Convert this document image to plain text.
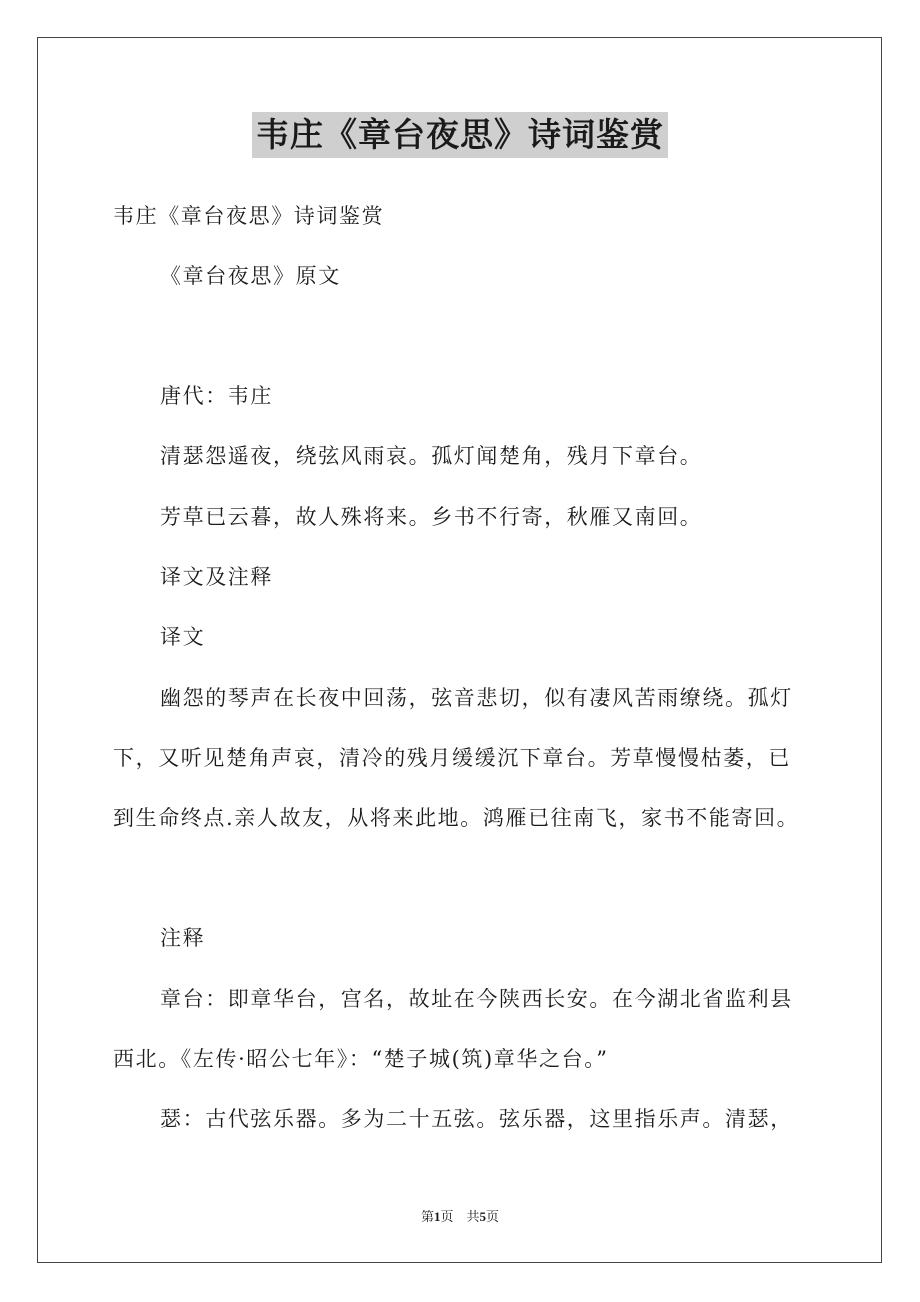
韦庄《章台夜思》诗词鉴赏
韦庄《章台夜思》诗词鉴赏
《章台夜思》原文
唐代：韦庄
清瑟怨遥夜，绕弦风雨哀。孤灯闻楚角，残月下章台。
芳草已云暮，故人殊将来。乡书不行寄，秋雁又南回。
译文及注释
译文
幽怨的琴声在长夜中回荡，弦音悲切，似有凄风苦雨缭绕。孤灯
下，又听见楚角声哀，清冷的残月缓缓沉下章台。芳草慢慢枯萎，已
到生命终点.亲人故友，从将来此地。鸿雁已往南飞，家书不能寄回。
注释
章台：即章华台，宫名，故址在今陕西长安。在今湖北省监利县
西北。《左传·昭公七年》：“楚子城(筑)章华之台。”
瑟：古代弦乐器。多为二十五弦。弦乐器，这里指乐声。清瑟，
第1页　共5页
